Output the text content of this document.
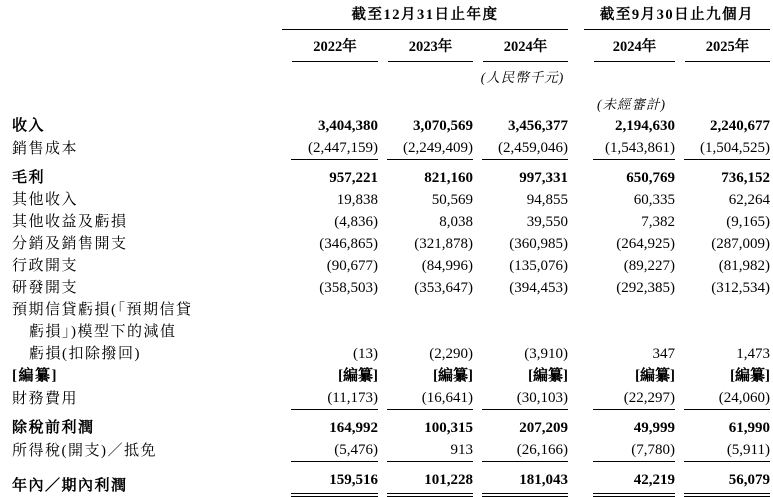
	截至12月31日止年度				截至9月30日止九個月	

	2022年	2023年	2024年		2024年	2025年

			(人民幣千元)			

					(未經審計)	

收入	3,404,380	3,070,569	3,456,377		2,194,630	2,240,677

銷售成本	(2,447,159)	(2,249,409)	(2,459,046)		(1,543,861)	(1,504,525)

毛利	957,221	821,160	997,331		650,769	736,152

其他收入	19,838	50,569	94,855		60,335	62,264

其他收益及虧損	(4,836)	8,038	39,550		7,382	(9,165)

分銷及銷售開支	(346,865)	(321,878)	(360,985)		(264,925)	(287,009)

行政開支	(90,677)	(84,996)	(135,076)		(89,227)	(81,982)

研發開支	(358,503)	(353,647)	(394,453)		(292,385)	(312,534)

預期信貸虧損(「預期信貸
虧損」)模型下的減值
虧損(扣除撥回)	(13)	(2,290)	(3,910)		347	1,473

[編纂]	[編纂]	[編纂]	[編纂]		[編纂]	[編纂]

財務費用	(11,173)	(16,641)	(30,103)		(22,297)	(24,060)

除稅前利潤	164,992	100,315	207,209		49,999	61,990

所得稅(開支)／抵免	(5,476)	913	(26,166)		(7,780)	(5,911)

年內／期內利潤	159,516	101,228	181,043		42,219	56,079
